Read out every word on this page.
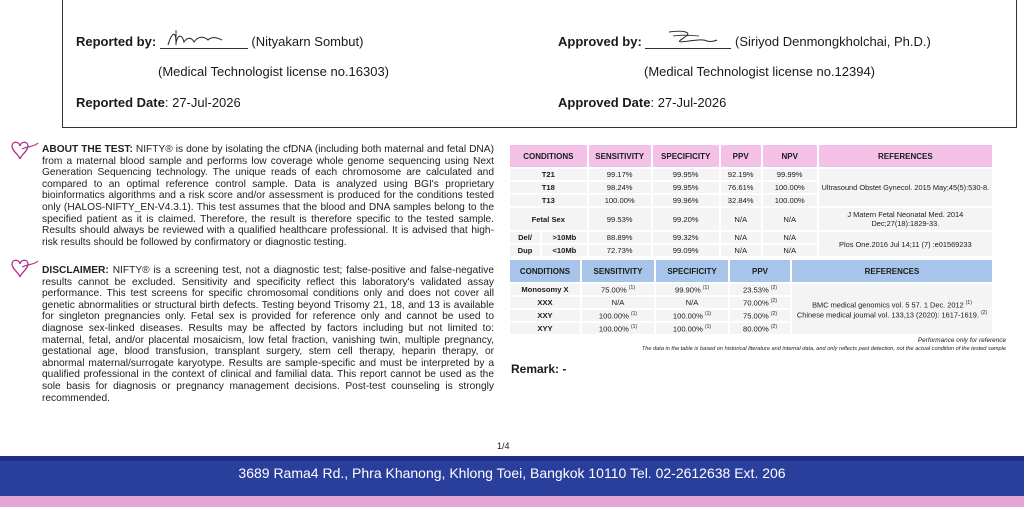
Reported by:	(Nityakarn Sombut)
(Medical Technologist license no.16303)
Reported Date: 27-Jul-2026
Approved by:	(Siriyod Denmongkholchai, Ph.D.)
(Medical Technologist license no.12394)
Approved Date: 27-Jul-2026
ABOUT THE TEST: NIFTY® is done by isolating the cfDNA (including both maternal and fetal DNA) from a maternal blood sample and performs low coverage whole genome sequencing using Next Generation Sequencing technology. The unique reads of each chromosome are calculated and compared to an optimal reference control sample. Data is analyzed using BGI's proprietary bioinformatics algorithms and a risk score and/or assessment is produced for the conditions tested only (HALOS-NIFTY_EN-V4.3.1). This test assumes that the blood and DNA samples belong to the specified patient as it is claimed. Therefore, the result is therefore specific to the tested sample. Results should always be reviewed with a qualified healthcare professional. It is advised that high-risk results should be followed by confirmatory or diagnostic testing.
DISCLAIMER: NIFTY® is a screening test, not a diagnostic test; false-positive and false-negative results cannot be excluded. Sensitivity and specificity reflect this laboratory's validated assay performance. This test screens for specific chromosomal conditions only and does not cover all genetic abnormalities or structural birth defects. Testing beyond Trisomy 21, 18, and 13 is available for singleton pregnancies only. Fetal sex is provided for reference only and cannot be used to diagnose sex-linked diseases. Results may be affected by factors including but not limited to: maternal, fetal, and/or placental mosaicism, low fetal fraction, vanishing twin, multiple pregnancy, gestational age, blood transfusion, transplant surgery, stem cell therapy, heparin therapy, or abnormal maternal/surrogate karyotype. Results are sample-specific and must be interpreted by a qualified professional in the context of clinical and familial data. This report cannot be used as the sole basis for diagnosis or pregnancy management decisions. Post-test counseling is strongly recommended.
CONDITIONS		SENSITIVITY	SPECIFICITY	PPV	NPV	REFERENCES
T21		99.17%	99.95%	92.19%	99.99%	Ultrasound Obstet Gynecol. 2015 May;45(5):530-8.
T18		98.24%	99.95%	76.61%	100.00%	
T13		100.00%	99.96%	32.84%	100.00%	
Fetal Sex		99.53%	99.20%	N/A	N/A	J Matern Fetal Neonatal Med. 2014 Dec;27(18):1829-33.
Del/	>10Mb	88.89%	99.32%	N/A	N/A	Plos One.2016 Jul 14;11 (7) :e01569233
Dup	<10Mb	72.73%	99.09%	N/A	N/A	
CONDITIONS	SENSITIVITY	SPECIFICITY	PPV	REFERENCES
Monosomy X	75.00% $^{(1)}$	99.90% $^{(1)}$	23.53% $^{(2)}$	BMC medical genomics vol. 5 57. 1 Dec. 2012 $^{(1)}$
Chinese medical journal vol. 133,13 (2020): 1617-1619. $^{(2)}$

XXX	N/A	N/A	70.00% $^{(2)}$
XXY	100.00% $^{(1)}$	100.00% $^{(1)}$	75.00% $^{(2)}$
XYY	100.00% $^{(1)}$	100.00% $^{(1)}$	80.00% $^{(2)}$
Performance only for reference
The data in the table is based on historical literature and internal data, and only reflects past detection, not the actual condition of the tested sample
Remark: -
1/4
3689 Rama4 Rd., Phra Khanong, Khlong Toei, Bangkok 10110 Tel. 02-2612638 Ext. 206
